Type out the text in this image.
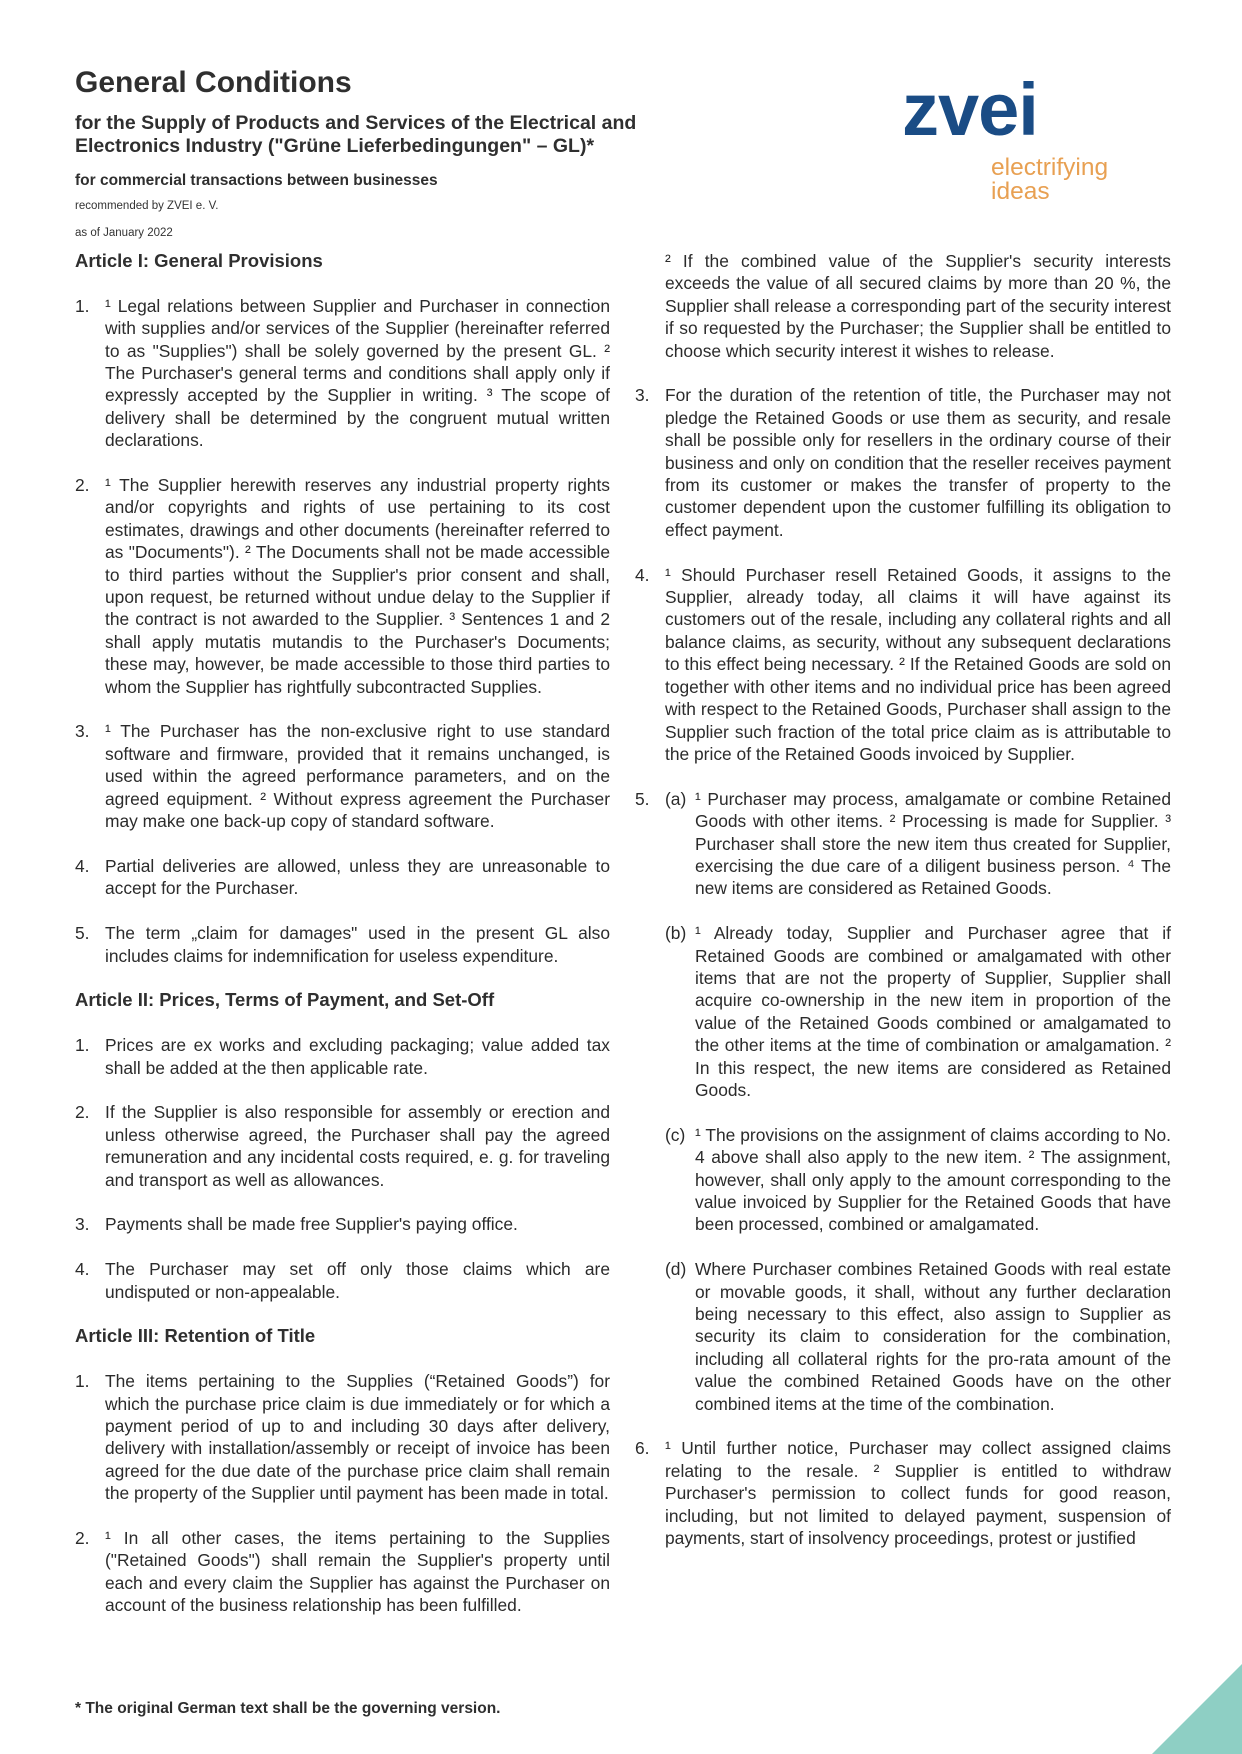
General Conditions
for the Supply of Products and Services of the Electrical and Electronics Industry ("Grüne Lieferbedingungen" – GL)*
for commercial transactions between businesses
recommended by ZVEI e. V.
as of January 2022
zvei
electrifying
ideas
Article I: General Provisions
1. ¹ Legal relations between Supplier and Purchaser in connection with supplies and/or services of the Supplier (hereinafter referred to as "Supplies") shall be solely governed by the present GL. ² The Purchaser's general terms and conditions shall apply only if expressly accepted by the Supplier in writing. ³ The scope of delivery shall be determined by the congruent mutual written declarations.
2. ¹ The Supplier herewith reserves any industrial property rights and/or copyrights and rights of use pertaining to its cost estimates, drawings and other documents (hereinafter referred to as "Documents"). ² The Documents shall not be made accessible to third parties without the Supplier's prior consent and shall, upon request, be returned without undue delay to the Supplier if the contract is not awarded to the Supplier. ³ Sentences 1 and 2 shall apply mutatis mutandis to the Purchaser's Documents; these may, however, be made accessible to those third parties to whom the Supplier has rightfully subcontracted Supplies.
3. ¹ The Purchaser has the non-exclusive right to use standard software and firmware, provided that it remains unchanged, is used within the agreed performance parameters, and on the agreed equipment. ² Without express agreement the Purchaser may make one back-up copy of standard software.
4. Partial deliveries are allowed, unless they are unreasonable to accept for the Purchaser.
5. The term „claim for damages" used in the present GL also includes claims for indemnification for useless expenditure.
Article II: Prices, Terms of Payment, and Set-Off
1. Prices are ex works and excluding packaging; value added tax shall be added at the then applicable rate.
2. If the Supplier is also responsible for assembly or erection and unless otherwise agreed, the Purchaser shall pay the agreed remuneration and any incidental costs required, e. g. for traveling and transport as well as allowances.
3. Payments shall be made free Supplier's paying office.
4. The Purchaser may set off only those claims which are undisputed or non-appealable.
Article III: Retention of Title
1. The items pertaining to the Supplies (“Retained Goods”) for which the purchase price claim is due immediately or for which a payment period of up to and including 30 days after delivery, delivery with installation/assembly or receipt of invoice has been agreed for the due date of the purchase price claim shall remain the property of the Supplier until payment has been made in total.
2. ¹ In all other cases, the items pertaining to the Supplies ("Retained Goods") shall remain the Supplier's property until each and every claim the Supplier has against the Purchaser on account of the business relationship has been fulfilled.
² If the combined value of the Supplier's security interests exceeds the value of all secured claims by more than 20 %, the Supplier shall release a corresponding part of the security interest if so requested by the Purchaser; the Supplier shall be entitled to choose which security interest it wishes to release.
3. For the duration of the retention of title, the Purchaser may not pledge the Retained Goods or use them as security, and resale shall be possible only for resellers in the ordinary course of their business and only on condition that the reseller receives payment from its customer or makes the transfer of property to the customer dependent upon the customer fulfilling its obligation to effect payment.
4. ¹ Should Purchaser resell Retained Goods, it assigns to the Supplier, already today, all claims it will have against its customers out of the resale, including any collateral rights and all balance claims, as security, without any subsequent declarations to this effect being necessary. ² If the Retained Goods are sold on together with other items and no individual price has been agreed with respect to the Retained Goods, Purchaser shall assign to the Supplier such fraction of the total price claim as is attributable to the price of the Retained Goods invoiced by Supplier.
5. (a) ¹ Purchaser may process, amalgamate or combine Retained Goods with other items. ² Processing is made for Supplier. ³ Purchaser shall store the new item thus created for Supplier, exercising the due care of a diligent business person. ⁴ The new items are considered as Retained Goods.
(b) ¹ Already today, Supplier and Purchaser agree that if Retained Goods are combined or amalgamated with other items that are not the property of Supplier, Supplier shall acquire co-ownership in the new item in proportion of the value of the Retained Goods combined or amalgamated to the other items at the time of combination or amalgamation. ² In this respect, the new items are considered as Retained Goods.
(c) ¹ The provisions on the assignment of claims according to No. 4 above shall also apply to the new item. ² The assignment, however, shall only apply to the amount corresponding to the value invoiced by Supplier for the Retained Goods that have been processed, combined or amalgamated.
(d) Where Purchaser combines Retained Goods with real estate or movable goods, it shall, without any further declaration being necessary to this effect, also assign to Supplier as security its claim to consideration for the combination, including all collateral rights for the pro-rata amount of the value the combined Retained Goods have on the other combined items at the time of the combination.
6. ¹ Until further notice, Purchaser may collect assigned claims relating to the resale. ² Supplier is entitled to withdraw Purchaser's permission to collect funds for good reason, including, but not limited to delayed payment, suspension of payments, start of insolvency proceedings, protest or justified
* The original German text shall be the governing version.
